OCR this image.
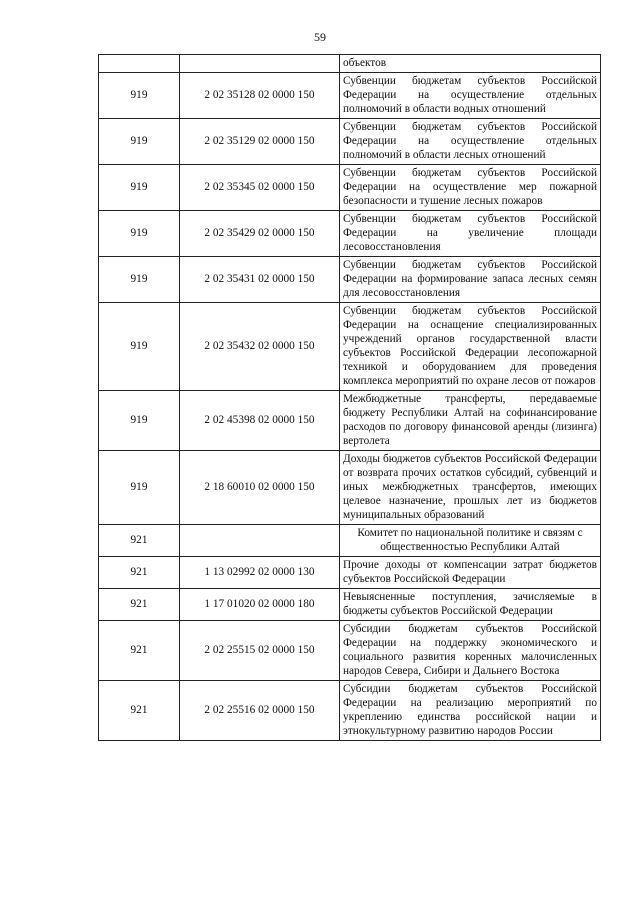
59
		объектов
919	2 02 35128 02 0000 150	Субвенции бюджетам субъектов Российской Федерации на осуществление отдельных полномочий в области водных отношений
919	2 02 35129 02 0000 150	Субвенции бюджетам субъектов Российской Федерации на осуществление отдельных полномочий в области лесных отношений
919	2 02 35345 02 0000 150	Субвенции бюджетам субъектов Российской Федерации на осуществление мер пожарной безопасности и тушение лесных пожаров
919	2 02 35429 02 0000 150	Субвенции бюджетам субъектов Российской Федерации на увеличение площади лесовосстановления
919	2 02 35431 02 0000 150	Субвенции бюджетам субъектов Российской Федерации на формирование запаса лесных семян для лесовосстановления
919	2 02 35432 02 0000 150	Субвенции бюджетам субъектов Российской Федерации на оснащение специализированных учреждений органов государственной власти субъектов Российской Федерации лесопожарной техникой и оборудованием для проведения комплекса мероприятий по охране лесов от пожаров
919	2 02 45398 02 0000 150	Межбюджетные трансферты, передаваемые бюджету Республики Алтай на софинансирование расходов по договору финансовой аренды (лизинга) вертолета
919	2 18 60010 02 0000 150	Доходы бюджетов субъектов Российской Федерации от возврата прочих остатков субсидий, субвенций и иных межбюджетных трансфертов, имеющих целевое назначение, прошлых лет из бюджетов муниципальных образований
921		Комитет по национальной политике и связям с общественностью Республики Алтай
921	1 13 02992 02 0000 130	Прочие доходы от компенсации затрат бюджетов субъектов Российской Федерации
921	1 17 01020 02 0000 180	Невыясненные поступления, зачисляемые в бюджеты субъектов Российской Федерации
921	2 02 25515 02 0000 150	Субсидии бюджетам субъектов Российской Федерации на поддержку экономического и социального развития коренных малочисленных народов Севера, Сибири и Дальнего Востока
921	2 02 25516 02 0000 150	Субсидии бюджетам субъектов Российской Федерации на реализацию мероприятий по укреплению единства российской нации и этнокультурному развитию народов России
